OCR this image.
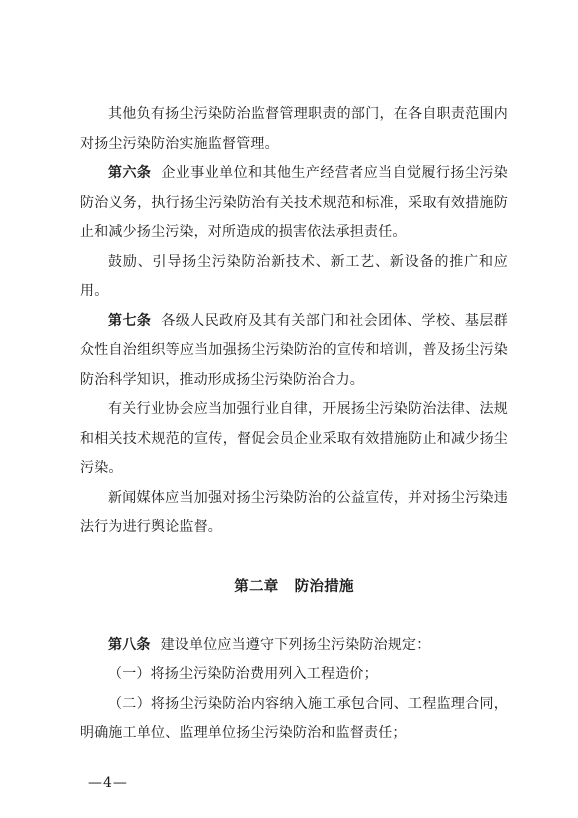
其他负有扬尘污染防治监督管理职责的部门，在各自职责范围内对扬尘污染防治实施监督管理。

第六条 企业事业单位和其他生产经营者应当自觉履行扬尘污染防治义务，执行扬尘污染防治有关技术规范和标准，采取有效措施防止和减少扬尘污染，对所造成的损害依法承担责任。

鼓励、引导扬尘污染防治新技术、新工艺、新设备的推广和应用。

第七条 各级人民政府及其有关部门和社会团体、学校、基层群众性自治组织等应当加强扬尘污染防治的宣传和培训，普及扬尘污染防治科学知识，推动形成扬尘污染防治合力。

有关行业协会应当加强行业自律，开展扬尘污染防治法律、法规和相关技术规范的宣传，督促会员企业采取有效措施防止和减少扬尘污染。

新闻媒体应当加强对扬尘污染防治的公益宣传，并对扬尘污染违法行为进行舆论监督。

第二章 防治措施

第八条 建设单位应当遵守下列扬尘污染防治规定：

（一）将扬尘污染防治费用列入工程造价；

（二）将扬尘污染防治内容纳入施工承包合同、工程监理合同，明确施工单位、监理单位扬尘污染防治和监督责任；

—4—
